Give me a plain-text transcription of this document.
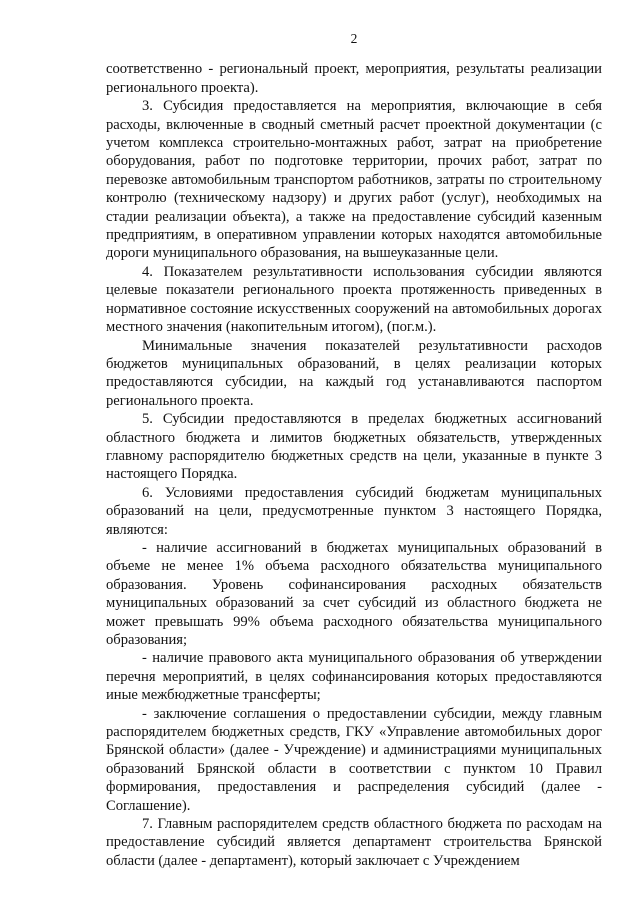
2

соответственно - региональный проект, мероприятия, результаты реализации регионального проекта).

3. Субсидия предоставляется на мероприятия, включающие в себя расходы, включенные в сводный сметный расчет проектной документации (с учетом комплекса строительно-монтажных работ, затрат на приобретение оборудования, работ по подготовке территории, прочих работ, затрат по перевозке автомобильным транспортом работников, затраты по строительному контролю (техническому надзору) и других работ (услуг), необходимых на стадии реализации объекта), а также на предоставление субсидий казенным предприятиям, в оперативном управлении которых находятся автомобильные дороги муниципального образования, на вышеуказанные цели.

4. Показателем результативности использования субсидии являются целевые показатели регионального проекта протяженность приведенных в нормативное состояние искусственных сооружений на автомобильных дорогах местного значения (накопительным итогом), (пог.м.).

Минимальные значения показателей результативности расходов бюджетов муниципальных образований, в целях реализации которых предоставляются субсидии, на каждый год устанавливаются паспортом регионального проекта.

5. Субсидии предоставляются в пределах бюджетных ассигнований областного бюджета и лимитов бюджетных обязательств, утвержденных главному распорядителю бюджетных средств на цели, указанные в пункте 3 настоящего Порядка.

6. Условиями предоставления субсидий бюджетам муниципальных образований на цели, предусмотренные пунктом 3 настоящего Порядка, являются:

- наличие ассигнований в бюджетах муниципальных образований в объеме не менее 1% объема расходного обязательства муниципального образования. Уровень софинансирования расходных обязательств муниципальных образований за счет субсидий из областного бюджета не может превышать 99% объема расходного обязательства муниципального образования;

- наличие правового акта муниципального образования об утверждении перечня мероприятий, в целях софинансирования которых предоставляются иные межбюджетные трансферты;

- заключение соглашения о предоставлении субсидии, между главным распорядителем бюджетных средств, ГКУ «Управление автомобильных дорог Брянской области» (далее - Учреждение) и администрациями муниципальных образований Брянской области в соответствии с пунктом 10 Правил формирования, предоставления и распределения субсидий (далее - Соглашение).

7. Главным распорядителем средств областного бюджета по расходам на предоставление субсидий является департамент строительства Брянской области (далее - департамент), который заключает с Учреждением
